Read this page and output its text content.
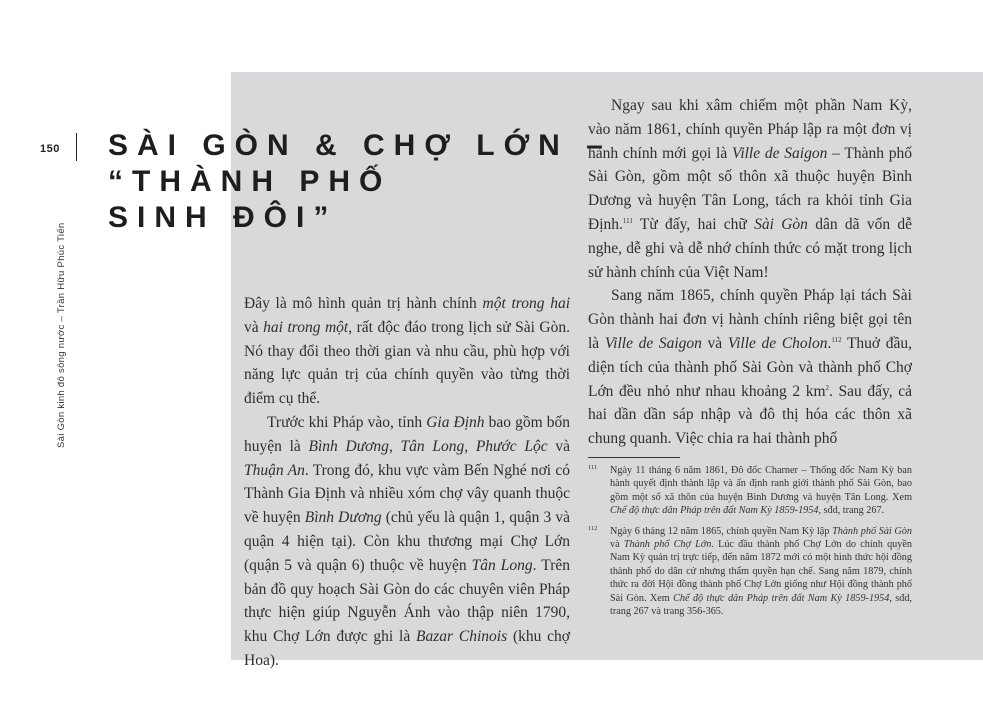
150
Sài Gòn kinh đô sông nước – Trần Hữu Phúc Tiến
SÀI GÒN & CHỢ LỚN –
“THÀNH PHỐ
SINH ĐÔI”

Đây là mô hình quản trị hành chính một trong hai và hai trong một, rất độc đáo trong lịch sử Sài Gòn. Nó thay đổi theo thời gian và nhu cầu, phù hợp với năng lực quản trị của chính quyền vào từng thời điểm cụ thể.

Trước khi Pháp vào, tỉnh Gia Định bao gồm bốn huyện là Bình Dương, Tân Long, Phước Lộc và Thuận An. Trong đó, khu vực vàm Bến Nghé nơi có Thành Gia Định và nhiều xóm chợ vây quanh thuộc về huyện Bình Dương (chủ yếu là quận 1, quận 3 và quận 4 hiện tại). Còn khu thương mại Chợ Lớn (quận 5 và quận 6) thuộc về huyện Tân Long. Trên bản đồ quy hoạch Sài Gòn do các chuyên viên Pháp thực hiện giúp Nguyễn Ánh vào thập niên 1790, khu Chợ Lớn được ghi là Bazar Chinois (khu chợ Hoa).

Ngay sau khi xâm chiếm một phần Nam Kỳ, vào năm 1861, chính quyền Pháp lập ra một đơn vị hành chính mới gọi là Ville de Saigon – Thành phố Sài Gòn, gồm một số thôn xã thuộc huyện Bình Dương và huyện Tân Long, tách ra khỏi tỉnh Gia Định.$^{111}$ Từ đấy, hai chữ Sài Gòn dân dã vốn dễ nghe, dễ ghi và dễ nhớ chính thức có mặt trong lịch sử hành chính của Việt Nam!

Sang năm 1865, chính quyền Pháp lại tách Sài Gòn thành hai đơn vị hành chính riêng biệt gọi tên là Ville de Saigon và Ville de Cholon.$^{112}$ Thuở đầu, diện tích của thành phố Sài Gòn và thành phố Chợ Lớn đều nhỏ như nhau khoảng 2 km$^2$. Sau đấy, cả hai dần dần sáp nhập và đô thị hóa các thôn xã chung quanh. Việc chia ra hai thành phố

111 Ngày 11 tháng 6 năm 1861, Đô đốc Charner – Thống đốc Nam Kỳ ban hành quyết định thành lập và ấn định ranh giới thành phố Sài Gòn, bao gồm một số xã thôn của huyện Bình Dương và huyện Tân Long. Xem Chế độ thực dân Pháp trên đất Nam Kỳ 1859-1954, sđd, trang 267.

112 Ngày 6 tháng 12 năm 1865, chính quyền Nam Kỳ lập Thành phố Sài Gòn và Thành phố Chợ Lớn. Lúc đầu thành phố Chợ Lớn do chính quyền Nam Kỳ quản trị trực tiếp, đến năm 1872 mới có một hình thức hội đồng thành phố do dân cử nhưng thẩm quyền hạn chế. Sang năm 1879, chính thức ra đời Hội đồng thành phố Chợ Lớn giống như Hội đồng thành phố Sài Gòn. Xem Chế độ thực dân Pháp trên đất Nam Kỳ 1859-1954, sđd, trang 267 và trang 356-365.
